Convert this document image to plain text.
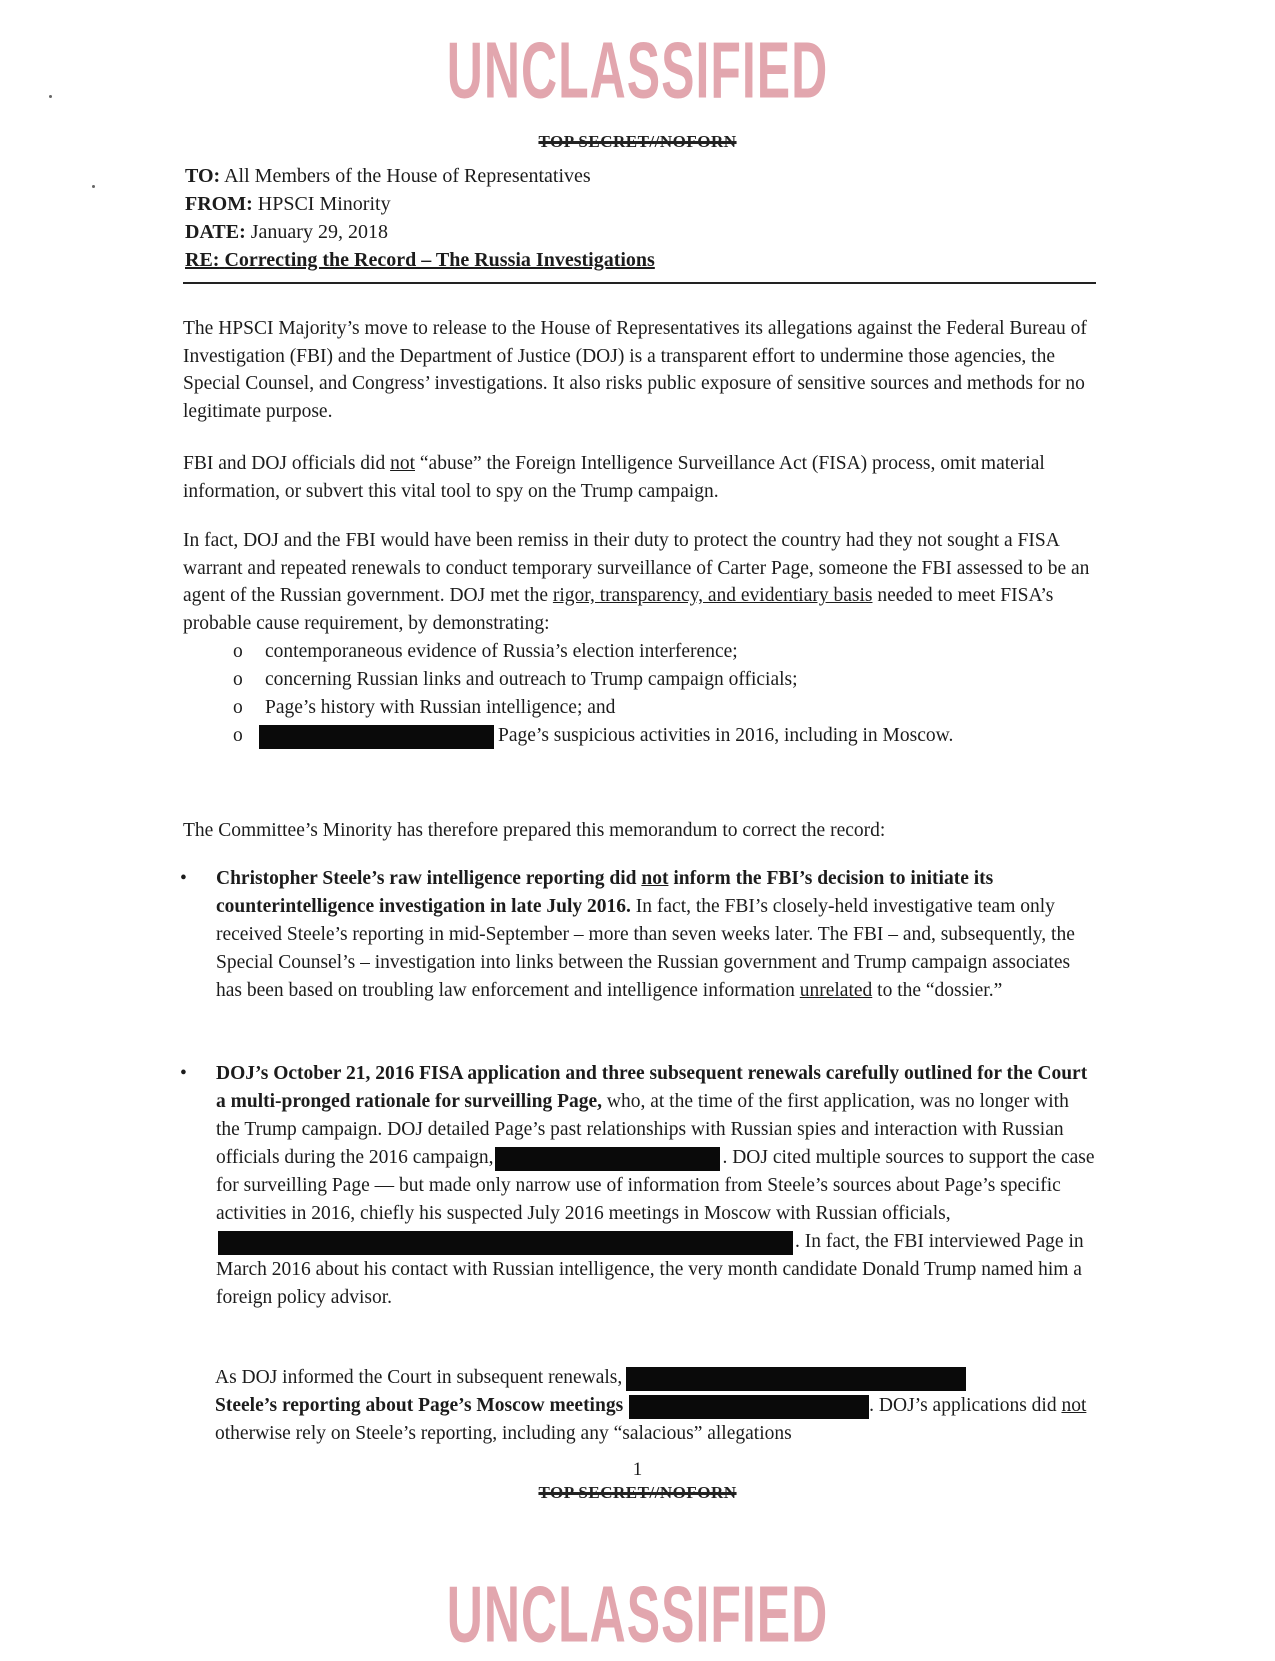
UNCLASSIFIED
TOP SECRET//NOFORN
TO: All Members of the House of Representatives
FROM: HPSCI Minority
DATE: January 29, 2018
RE: Correcting the Record – The Russia Investigations

The HPSCI Majority’s move to release to the House of Representatives its allegations against the Federal Bureau of Investigation (FBI) and the Department of Justice (DOJ) is a transparent effort to undermine those agencies, the Special Counsel, and Congress’ investigations. It also risks public exposure of sensitive sources and methods for no legitimate purpose.

FBI and DOJ officials did not “abuse” the Foreign Intelligence Surveillance Act (FISA) process, omit material information, or subvert this vital tool to spy on the Trump campaign.

In fact, DOJ and the FBI would have been remiss in their duty to protect the country had they not sought a FISA warrant and repeated renewals to conduct temporary surveillance of Carter Page, someone the FBI assessed to be an agent of the Russian government. DOJ met the rigor, transparency, and evidentiary basis needed to meet FISA’s probable cause requirement, by demonstrating:

o contemporaneous evidence of Russia’s election interference;
o concerning Russian links and outreach to Trump campaign officials;
o Page’s history with Russian intelligence; and
o Page’s suspicious activities in 2016, including in Moscow.

The Committee’s Minority has therefore prepared this memorandum to correct the record:

• Christopher Steele’s raw intelligence reporting did not inform the FBI’s decision to initiate its counterintelligence investigation in late July 2016. In fact, the FBI’s closely-held investigative team only received Steele’s reporting in mid-September – more than seven weeks later. The FBI – and, subsequently, the Special Counsel’s – investigation into links between the Russian government and Trump campaign associates has been based on troubling law enforcement and intelligence information unrelated to the “dossier.”
• DOJ’s October 21, 2016 FISA application and three subsequent renewals carefully outlined for the Court a multi-pronged rationale for surveilling Page, who, at the time of the first application, was no longer with the Trump campaign. DOJ detailed Page’s past relationships with Russian spies and interaction with Russian officials during the 2016 campaign,	. DOJ cited multiple sources to support the case for surveilling Page — but made only narrow use of information from Steele’s sources about Page’s specific activities in 2016, chiefly his suspected July 2016 meetings in Moscow with Russian officials,. In fact, the FBI interviewed Page in March 2016 about his contact with Russian intelligence, the very month candidate Donald Trump named him a foreign policy advisor.
As DOJ informed the Court in subsequent renewals,
Steele’s reporting about Page’s Moscow meetings	. DOJ’s applications did not otherwise rely on Steele’s reporting, including any “salacious” allegations
1
TOP SECRET//NOFORN
UNCLASSIFIED
